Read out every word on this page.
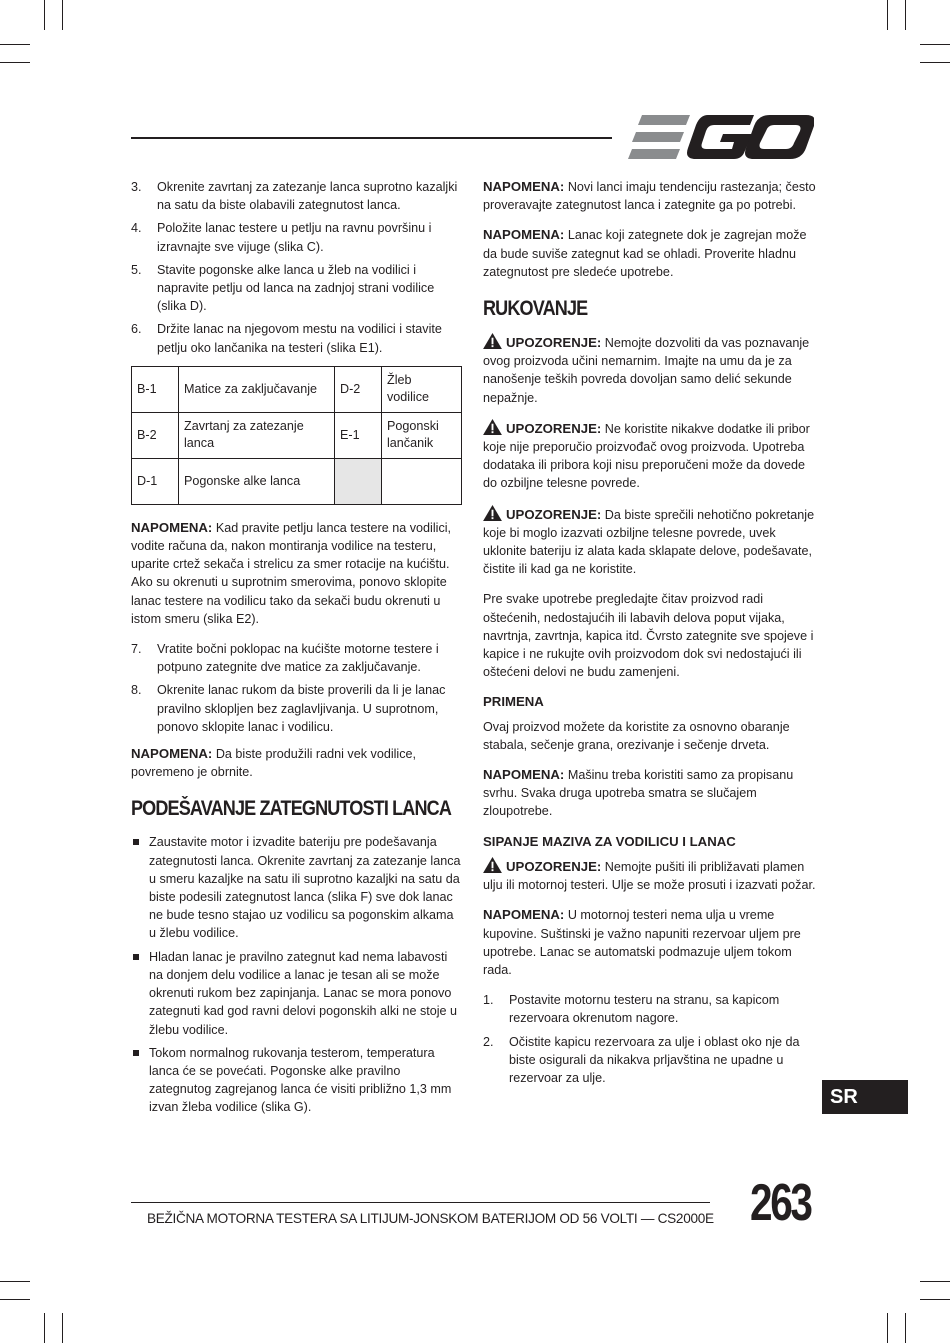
3. Okrenite zavrtanj za zatezanje lanca suprotno kazaljki na satu da biste olabavili zategnutost lanca.
4. Položite lanac testere u petlju na ravnu površinu i izravnajte sve vijuge (slika C).
5. Stavite pogonske alke lanca u žleb na vodilici i napravite petlju od lanca na zadnjoj strani vodilice (slika D).
6. Držite lanac na njegovom mestu na vodilici i stavite petlju oko lančanika na testeri (slika E1).
B-1	Matice za zaključavanje	D-2	Žleb vodilice
B-2	Zavrtanj za zatezanje lanca	E-1	Pogonski lančanik
D-1	Pogonske alke lanca		

NAPOMENA: Kad pravite petlju lanca testere na vodilici, vodite računa da, nakon montiranja vodilice na testeru, uparite crtež sekača i strelicu za smer rotacije na kućištu. Ako su okrenuti u suprotnim smerovima, ponovo sklopite lanac testere na vodilicu tako da sekači budu okrenuti u istom smeru (slika E2).

7. Vratite bočni poklopac na kućište motorne testere i potpuno zategnite dve matice za zaključavanje.
8. Okrenite lanac rukom da biste proverili da li je lanac pravilno sklopljen bez zaglavljivanja. U suprotnom, ponovo sklopite lanac i vodilicu.

NAPOMENA: Da biste produžili radni vek vodilice, povremeno je obrnite.

PODEŠAVANJE ZATEGNUTOSTI LANCA
Zaustavite motor i izvadite bateriju pre podešavanja zategnutosti lanca. Okrenite zavrtanj za zatezanje lanca u smeru kazaljke na satu ili suprotno kazaljki na satu da biste podesili zategnutost lanca (slika F) sve dok lanac ne bude tesno stajao uz vodilicu sa pogonskim alkama u žlebu vodilice.
Hladan lanac je pravilno zategnut kad nema labavosti na donjem delu vodilice a lanac je tesan ali se može okrenuti rukom bez zapinjanja. Lanac se mora ponovo zategnuti kad god ravni delovi pogonskih alki ne stoje u žlebu vodilice.
Tokom normalnog rukovanja testerom, temperatura lanca će se povećati. Pogonske alke pravilno zategnutog zagrejanog lanca će visiti približno 1,3 mm izvan žleba vodilice (slika G).

NAPOMENA: Novi lanci imaju tendenciju rastezanja; često proveravajte zategnutost lanca i zategnite ga po potrebi.

NAPOMENA: Lanac koji zategnete dok je zagrejan može da bude suviše zategnut kad se ohladi. Proverite hladnu zategnutost pre sledeće upotrebe.

RUKOVANJE

UPOZORENJE: Nemojte dozvoliti da vas poznavanje ovog proizvoda učini nemarnim. Imajte na umu da je za nanošenje teških povreda dovoljan samo delić sekunde nepažnje.

UPOZORENJE: Ne koristite nikakve dodatke ili pribor koje nije preporučio proizvođač ovog proizvoda. Upotreba dodataka ili pribora koji nisu preporučeni može da dovede do ozbiljne telesne povrede.

UPOZORENJE: Da biste sprečili nehotično pokretanje koje bi moglo izazvati ozbiljne telesne povrede, uvek uklonite bateriju iz alata kada sklapate delove, podešavate, čistite ili kad ga ne koristite.

Pre svake upotrebe pregledajte čitav proizvod radi oštećenih, nedostajućih ili labavih delova poput vijaka, navrtnja, zavrtnja, kapica itd. Čvrsto zategnite sve spojeve i kapice i ne rukujte ovih proizvodom dok svi nedostajući ili oštećeni delovi ne budu zamenjeni.

PRIMENA

Ovaj proizvod možete da koristite za osnovno obaranje stabala, sečenje grana, orezivanje i sečenje drveta.

NAPOMENA: Mašinu treba koristiti samo za propisanu svrhu. Svaka druga upotreba smatra se slučajem zloupotrebe.

SIPANJE MAZIVA ZA VODILICU I LANAC

UPOZORENJE: Nemojte pušiti ili približavati plamen ulju ili motornoj testeri. Ulje se može prosuti i izazvati požar.

NAPOMENA: U motornoj testeri nema ulja u vreme kupovine. Suštinski je važno napuniti rezervoar uljem pre upotrebe. Lanac se automatski podmazuje uljem tokom rada.

1. Postavite motornu testeru na stranu, sa kapicom rezervoara okrenutom nagore.
2. Očistite kapicu rezervoara za ulje i oblast oko nje da biste osigurali da nikakva prljavština ne upadne u rezervoar za ulje.
SR
BEŽIČNA MOTORNA TESTERA SA LITIJUM-JONSKOM BATERIJOM OD 56 VOLTI — CS2000E 263
